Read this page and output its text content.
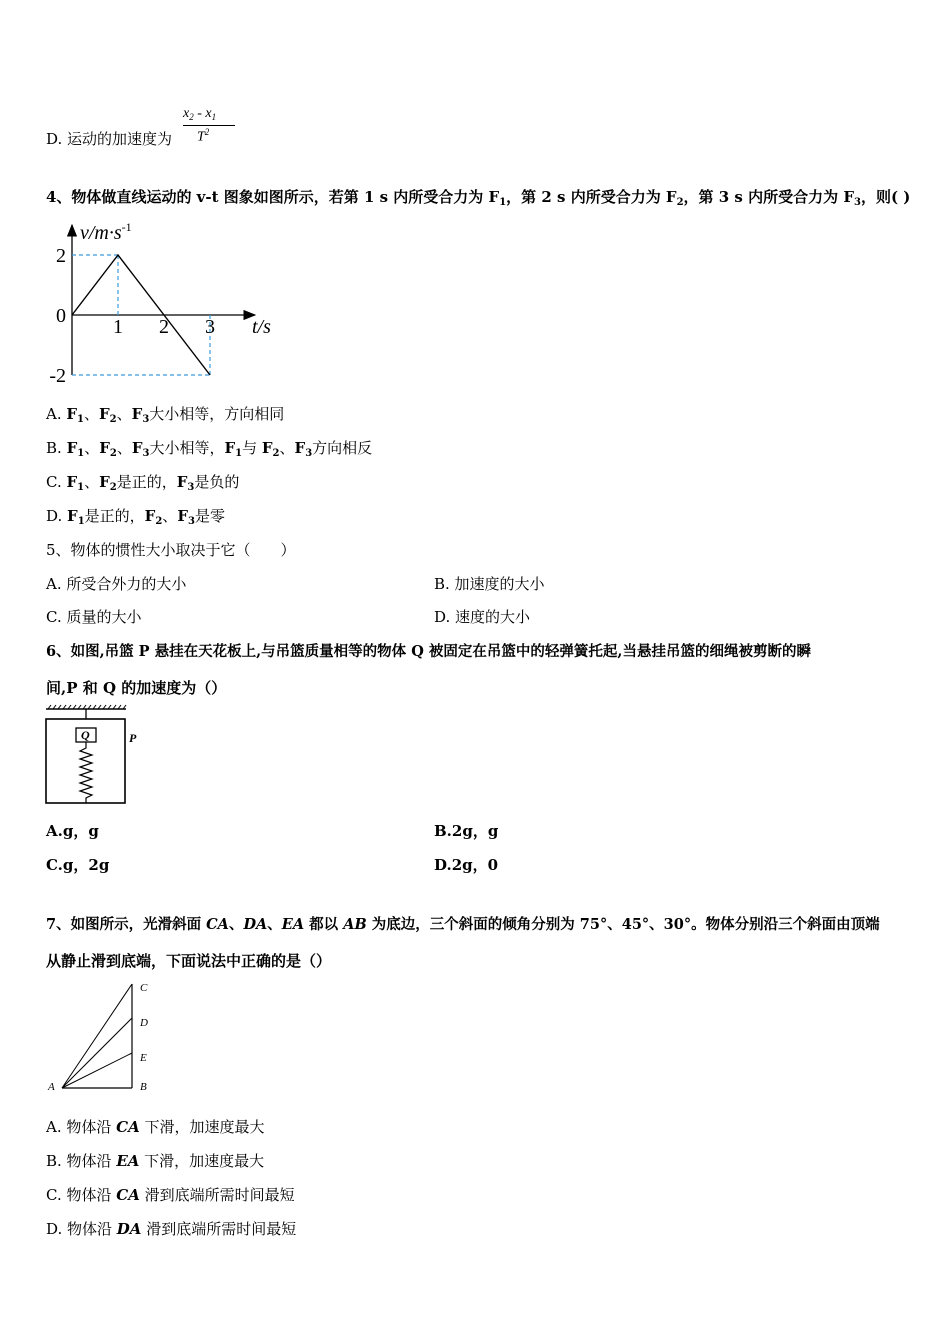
D. 运动的加速度为
$x_2 - x_1$
$T^2$
4、物体做直线运动的 v-t 图象如图所示，若第 1 s 内所受合力为 $F_1$，第 2 s 内所受合力为 $F_2$，第 3 s 内所受合力为 $F_3$，则( )
2
0
-2
1 2 3
$v/m\cdot s^{-1}$
t/s
A. $F_1$、$F_2$、$F_3$大小相等，方向相同
B. $F_1$、$F_2$、$F_3$大小相等，$F_1$与 $F_2$、$F_3$方向相反
C. $F_1$、$F_2$是正的，$F_3$是负的
D. $F_1$是正的，$F_2$、$F_3$是零
5、物体的惯性大小取决于它（　　）
A. 所受合外力的大小	B. 加速度的大小
C. 质量的大小	D. 速度的大小
6、如图,吊篮 P 悬挂在天花板上,与吊篮质量相等的物体 Q 被固定在吊篮中的轻弹簧托起,当悬挂吊篮的细绳被剪断的瞬
间,P 和 Q 的加速度为（）
Q	P
A.g，g	B.2g，g
C.g，2g	D.2g，0
7、如图所示，光滑斜面 CA、DA、EA 都以 AB 为底边，三个斜面的倾角分别为 75°、45°、30°。物体分别沿三个斜面由顶端
从静止滑到底端，下面说法中正确的是（）
C
D
E
A	B
A. 物体沿 CA 下滑，加速度最大
B. 物体沿 EA 下滑，加速度最大
C. 物体沿 CA 滑到底端所需时间最短
D. 物体沿 DA 滑到底端所需时间最短
